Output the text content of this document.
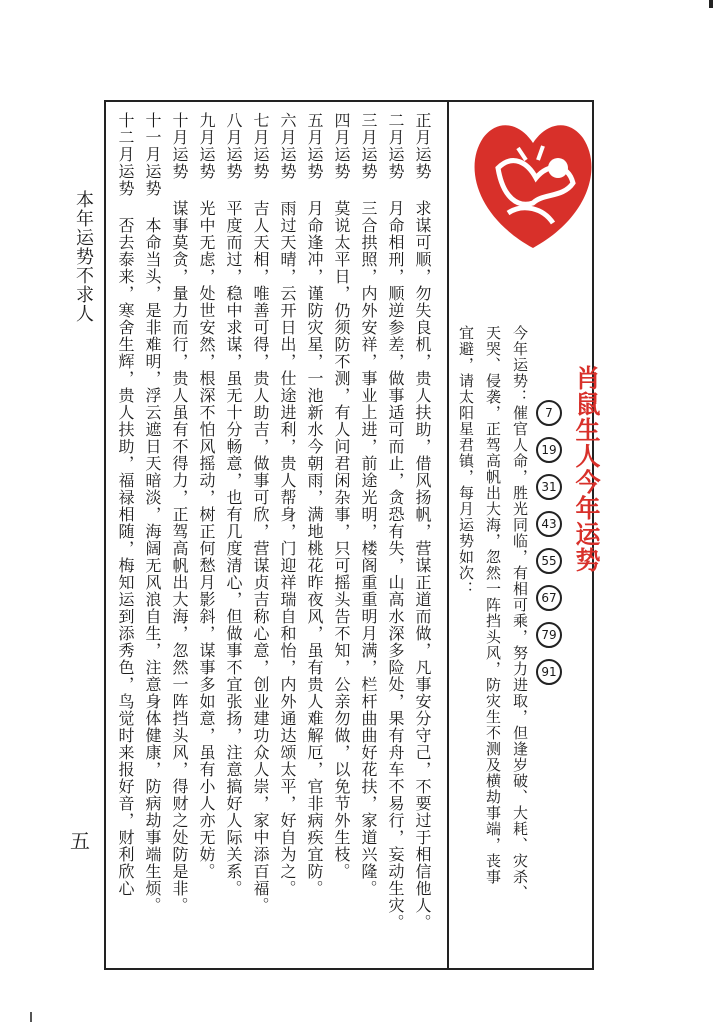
肖鼠生人今年运势
7
19
31
43
55
67
79
91
今年运势：催官人命，胜光同临，有相可乘，努力进取，但逢岁破、大耗、灾杀、
天哭、侵袭，正驾高帆出大海，忽然一阵挡头风，防灾生不测及横劫事端，丧事
宜避，请太阳星君镇，每月运势如次：
正月运势 求谋可顺，勿失良机，贵人扶助，借风扬帆，营谋正道而做，凡事安分守己，不要过于相信他人。
二月运势 月命相刑，顺逆参差，做事适可而止，贪恐有失，山高水深多险处，果有舟车不易行，妄动生灾。
三月运势 三合拱照，内外安祥，事业上进，前途光明，楼阁重重明月满，栏杆曲曲好花扶，家道兴隆。
四月运势 莫说太平日，仍须防不测，有人问君闲杂事，只可摇头告不知，公亲勿做，以免节外生枝。
五月运势 月命逢冲，谨防灾星，一池新水今朝雨，满地桃花昨夜风，虽有贵人难解厄，官非病疾宜防。
六月运势 雨过天晴，云开日出，仕途进利，贵人帮身，门迎祥瑞自和怡，内外通达颂太平，好自为之。
七月运势 吉人天相，唯善可得，贵人助吉，做事可欣，营谋贞吉称心意，创业建功众人崇，家中添百福。
八月运势 平度而过，稳中求谋，虽无十分畅意，也有几度清心，但做事不宜张扬，注意搞好人际关系。
九月运势 光中无虑，处世安然，根深不怕风摇动，树正何愁月影斜，谋事多如意，虽有小人亦无妨。
十月运势 谋事莫贪，量力而行，贵人虽有不得力，正驾高帆出大海，忽然一阵挡头风，得财之处防是非。
十一月运势 本命当头，是非难明，浮云遮日天暗淡，海阔无风浪自生，注意身体健康，防病劫事端生烦。
十二月运势 否去泰来，寒舍生辉，贵人扶助，福禄相随，梅知运到添秀色，鸟觉时来报好音，财利欣心
本年运势不求人
五
